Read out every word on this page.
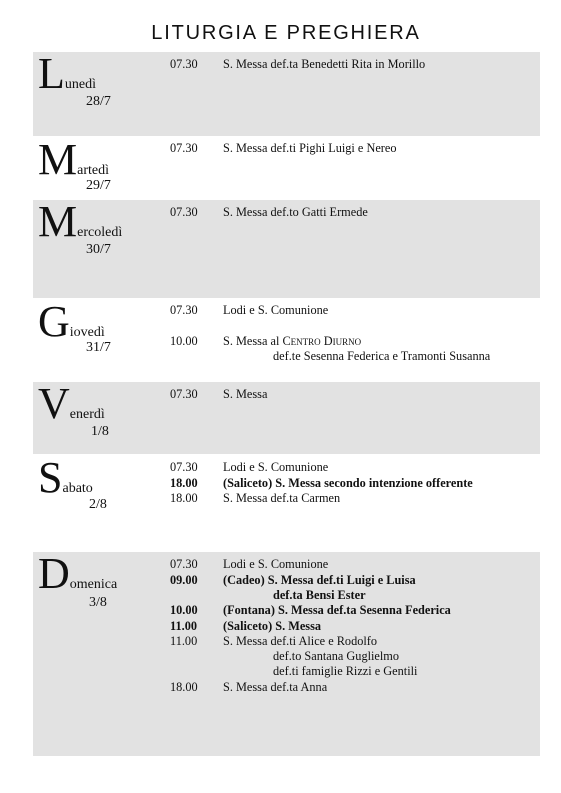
LITURGIA E PREGHIERA
Lunedì
28/7
07.30	S. Messa def.ta Benedetti Rita in Morillo
Martedì
29/7
07.30	S. Messa def.ti Pighi Luigi e Nereo
Mercoledì
30/7
07.30	S. Messa def.to Gatti Ermede
Giovedì
31/7
07.30	Lodi e S. Comunione
10.00	S. Messa al Centro Diurno
def.te Sesenna Federica e Tramonti Susanna
Venerdì
1/8
07.30	S. Messa
Sabato
2/8
07.30	Lodi e S. Comunione
18.00	(Saliceto) S. Messa secondo intenzione offerente
18.00	S. Messa def.ta Carmen
Domenica
3/8
07.30	Lodi e S. Comunione
09.00	(Cadeo) S. Messa def.ti Luigi e Luisa
def.ta Bensi Ester
10.00	(Fontana) S. Messa def.ta Sesenna Federica
11.00	(Saliceto) S. Messa
11.00	S. Messa def.ti Alice e Rodolfo
def.to Santana Guglielmo
def.ti famiglie Rizzi e Gentili
18.00	S. Messa def.ta Anna
